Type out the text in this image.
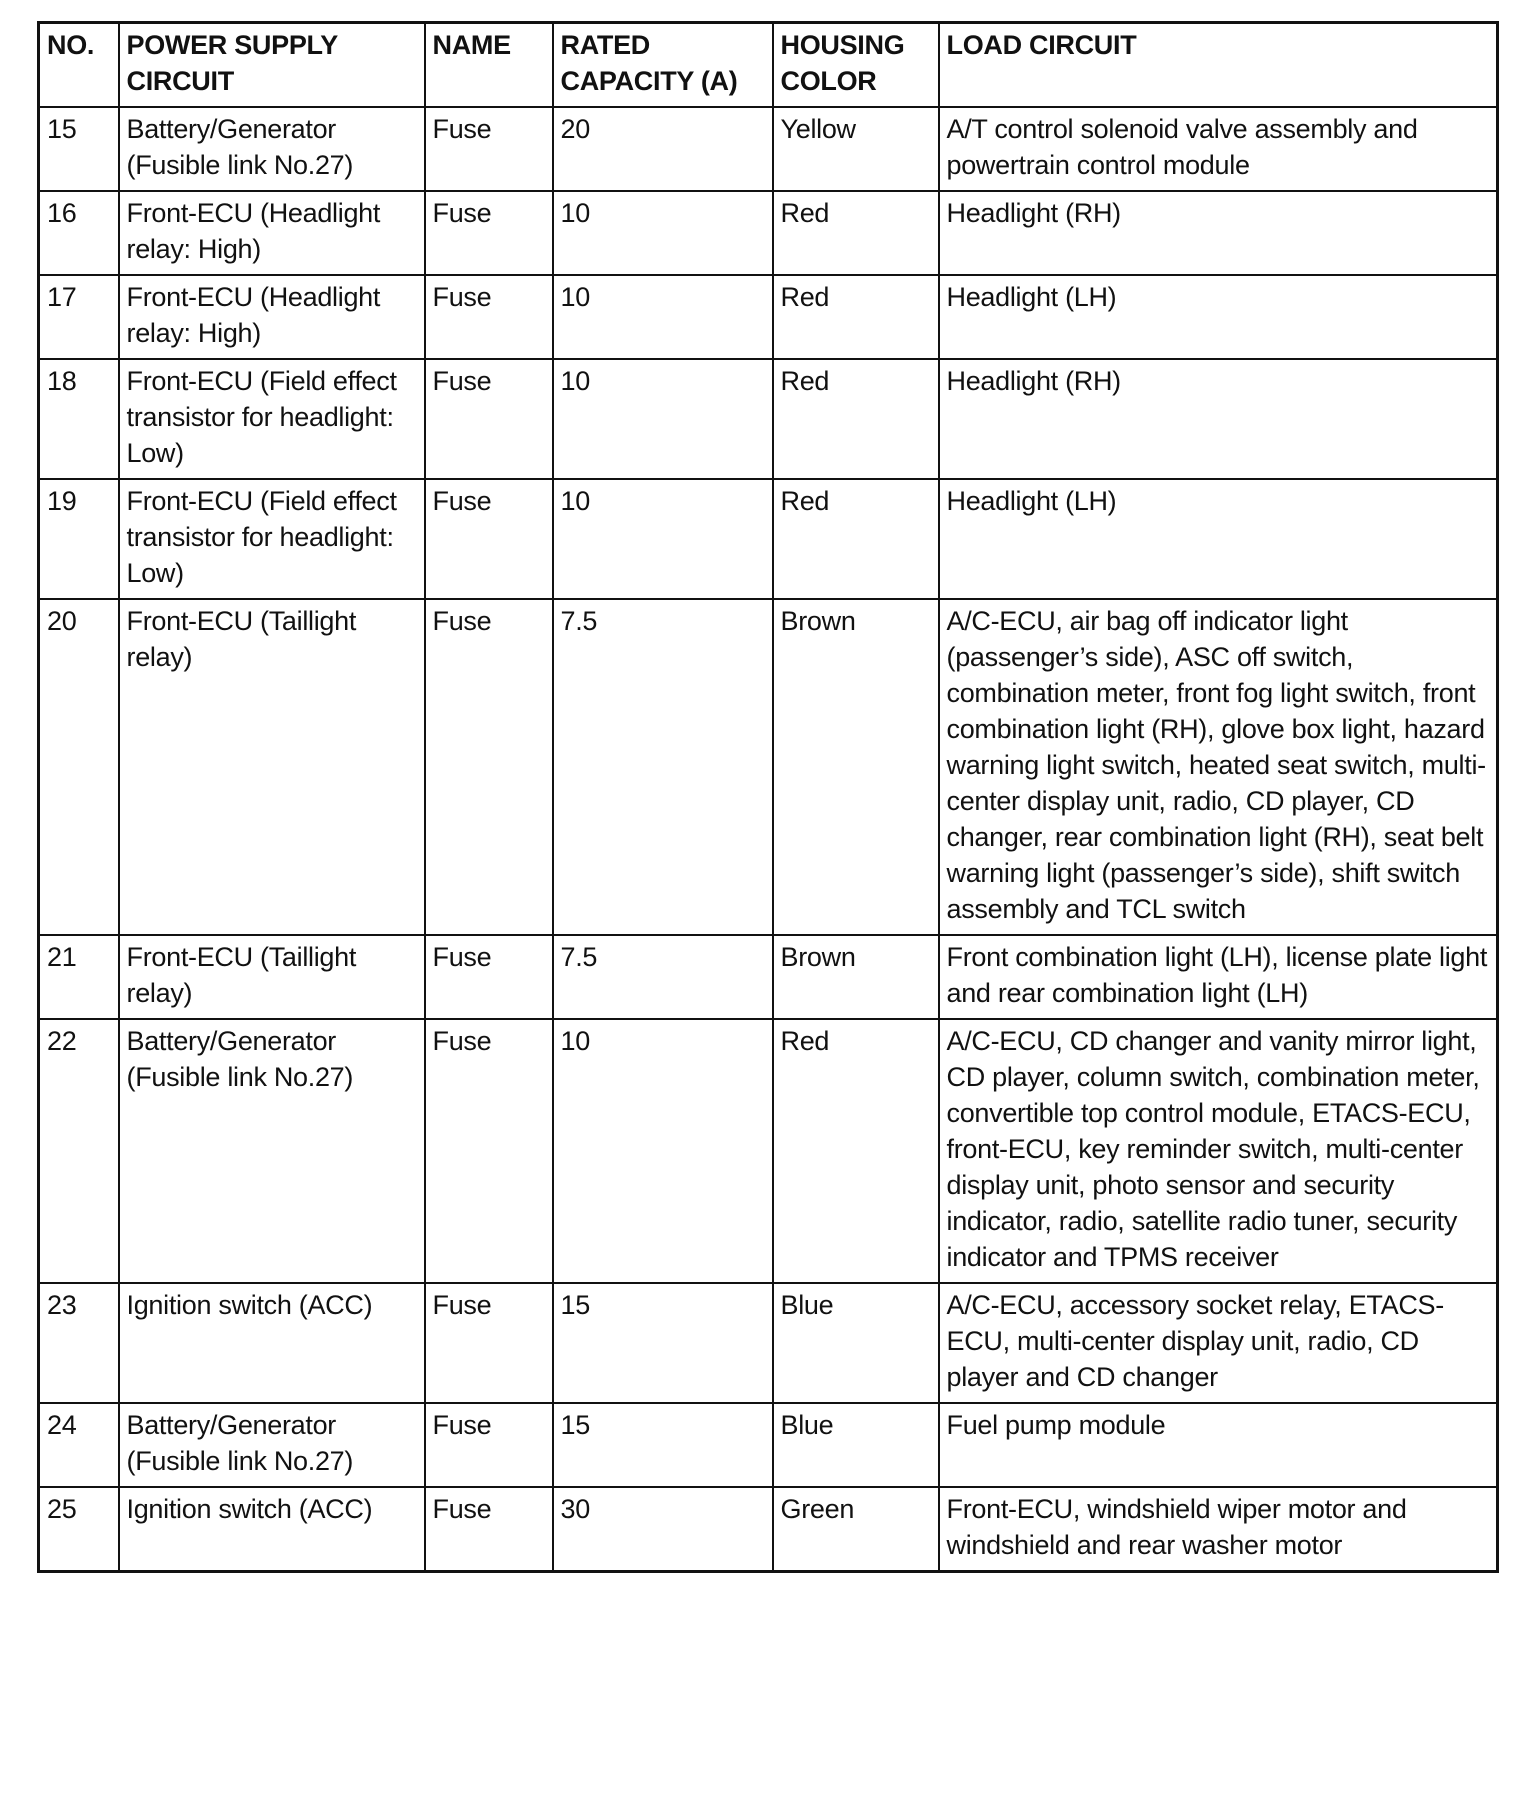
NO.	POWER SUPPLY CIRCUIT	NAME	RATED CAPACITY (A)	HOUSING COLOR	LOAD CIRCUIT
15	Battery/Generator (Fusible link No.27)	Fuse	20	Yellow	A/T control solenoid valve assembly and powertrain control module
16	Front-ECU (Headlight relay: High)	Fuse	10	Red	Headlight (RH)
17	Front-ECU (Headlight relay: High)	Fuse	10	Red	Headlight (LH)
18	Front-ECU (Field effect transistor for headlight: Low)	Fuse	10	Red	Headlight (RH)
19	Front-ECU (Field effect transistor for headlight: Low)	Fuse	10	Red	Headlight (LH)
20	Front-ECU (Taillight relay)	Fuse	7.5	Brown	A/C-ECU, air bag off indicator light (passenger’s side), ASC off switch, combination meter, front fog light switch, front combination light (RH), glove box light, hazard warning light switch, heated seat switch, multi-center display unit, radio, CD player, CD changer, rear combination light (RH), seat belt warning light (passenger’s side), shift switch assembly and TCL switch
21	Front-ECU (Taillight relay)	Fuse	7.5	Brown	Front combination light (LH), license plate light and rear combination light (LH)
22	Battery/Generator (Fusible link No.27)	Fuse	10	Red	A/C-ECU, CD changer and vanity mirror light, CD player, column switch, combination meter, convertible top control module, ETACS-ECU, front-ECU, key reminder switch, multi-center display unit, photo sensor and security indicator, radio, satellite radio tuner, security indicator and TPMS receiver
23	Ignition switch (ACC)	Fuse	15	Blue	A/C-ECU, accessory socket relay, ETACS-ECU, multi-center display unit, radio, CD player and CD changer
24	Battery/Generator (Fusible link No.27)	Fuse	15	Blue	Fuel pump module
25	Ignition switch (ACC)	Fuse	30	Green	Front-ECU, windshield wiper motor and windshield and rear washer motor
